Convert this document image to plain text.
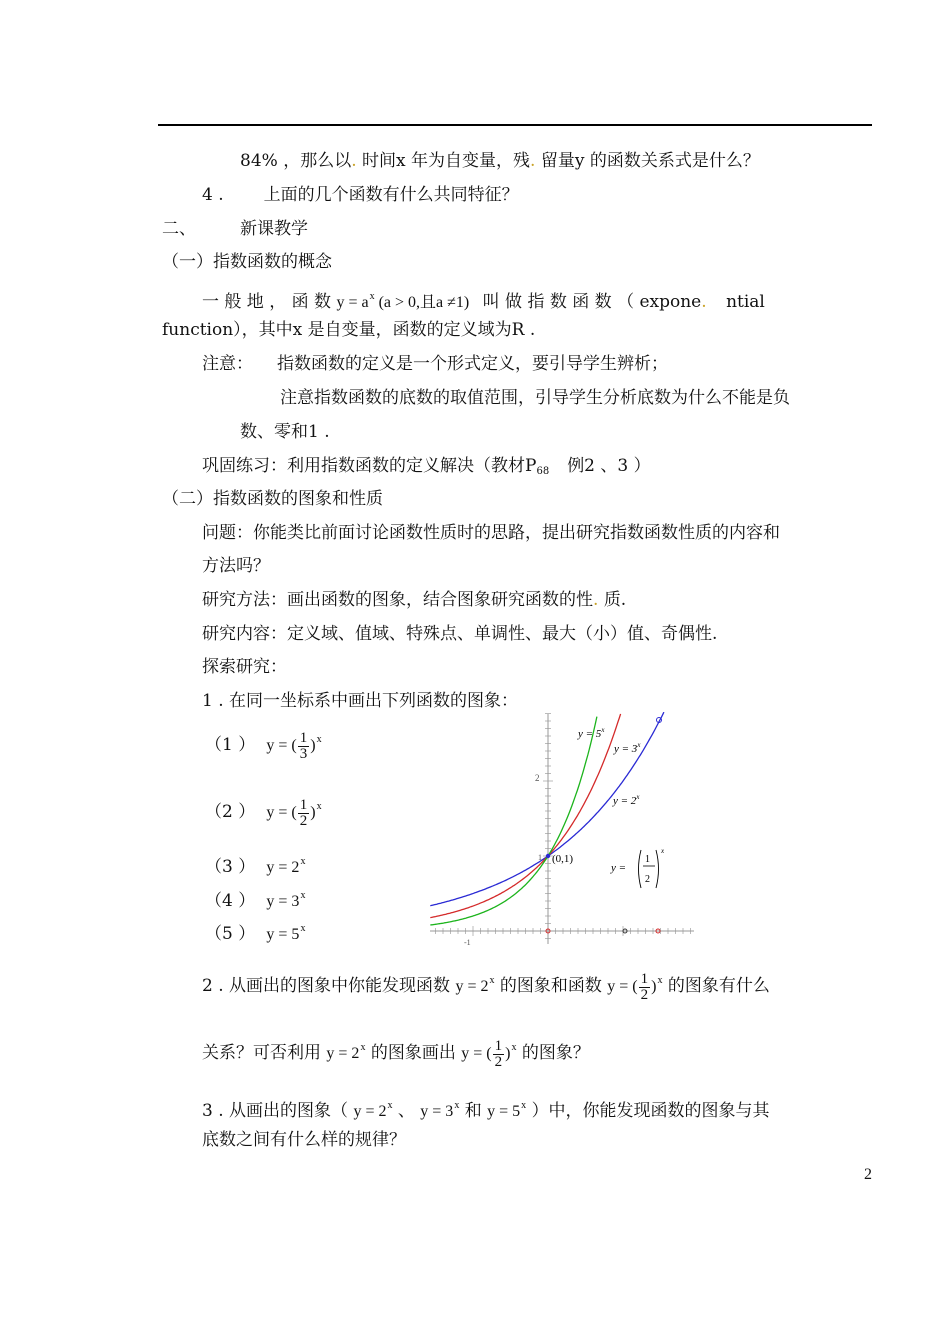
84% ，那么以. 时间x 年为自变量，残. 留量y 的函数关系式是什么？
4 . 上面的几个函数有什么共同特征？
二、	新课教学
（一）指数函数的概念
一 般 地 ， 函 数 $y = a^x$ (a > 0,且a ≠1) 叫 做 指 数 函 数 （ expone. ntial
function），其中x 是自变量，函数的定义域为R .
注意： 指数函数的定义是一个形式定义，要引导学生辨析；
注意指数函数的底数的取值范围，引导学生分析底数为什么不能是负
数、零和1 .
巩固练习：利用指数函数的定义解决（教材$P_{68}$ 例2 、3 ）
（二）指数函数的图象和性质
问题：你能类比前面讨论函数性质时的思路，提出研究指数函数性质的内容和
方法吗？
研究方法：画出函数的图象，结合图象研究函数的性. 质.
研究内容：定义域、值域、特殊点、单调性、最大（小）值、奇偶性.
探索研究：
1 . 在同一坐标系中画出下列函数的图象：
（1 ） y = ( $\frac{1}{3} )^x$
（2 ） y = ( $\frac{1}{2} )^x$
（3 ） $y = 2^x$
（4 ） $y = 3^x$
（5 ） $y = 5^x$
2
1
-1
(0,1)
$y = 5^x$
$y = 3^x$
$y = 2^x$
y =
1
2
x
2 . 从画出的图象中你能发现函数 $y = 2^x$ 的图象和函数 y = ( $\frac{1}{2} )^x$ 的图象有什么
关系？可否利用 $y = 2^x$ 的图象画出 y = ( $\frac{1}{2} )^x$ 的图象？
3 . 从画出的图象（ $y = 2^x$ 、 $y = 3^x$ 和 $y = 5^x$ ）中，你能发现函数的图象与其
底数之间有什么样的规律？
2
